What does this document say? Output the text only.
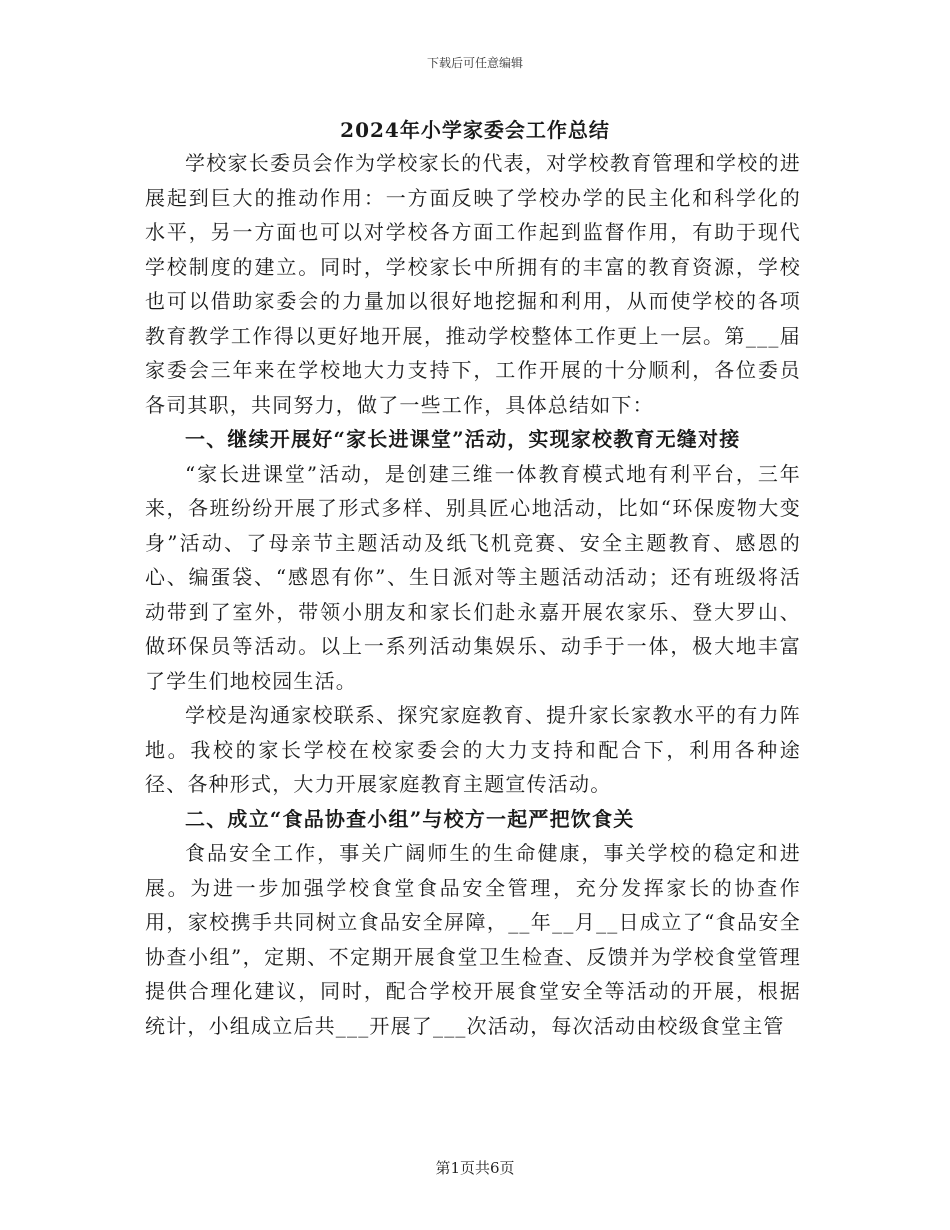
下载后可任意编辑
2024年小学家委会工作总结

学校家长委员会作为学校家长的代表，对学校教育管理和学校的进展起到巨大的推动作用：一方面反映了学校办学的民主化和科学化的水平，另一方面也可以对学校各方面工作起到监督作用，有助于现代学校制度的建立。同时，学校家长中所拥有的丰富的教育资源，学校也可以借助家委会的力量加以很好地挖掘和利用，从而使学校的各项教育教学工作得以更好地开展，推动学校整体工作更上一层。第___届家委会三年来在学校地大力支持下，工作开展的十分顺利，各位委员各司其职，共同努力，做了一些工作，具体总结如下：

一、继续开展好“家长进课堂”活动，实现家校教育无缝对接

“家长进课堂”活动，是创建三维一体教育模式地有利平台，三年来，各班纷纷开展了形式多样、别具匠心地活动，比如“环保废物大变身”活动、了母亲节主题活动及纸飞机竞赛、安全主题教育、感恩的心、编蛋袋、“感恩有你”、生日派对等主题活动活动；还有班级将活动带到了室外，带领小朋友和家长们赴永嘉开展农家乐、登大罗山、做环保员等活动。以上一系列活动集娱乐、动手于一体，极大地丰富了学生们地校园生活。

学校是沟通家校联系、探究家庭教育、提升家长家教水平的有力阵地。我校的家长学校在校家委会的大力支持和配合下，利用各种途径、各种形式，大力开展家庭教育主题宣传活动。

二、成立“食品协查小组”与校方一起严把饮食关

食品安全工作，事关广阔师生的生命健康，事关学校的稳定和进展。为进一步加强学校食堂食品安全管理，充分发挥家长的协查作用，家校携手共同树立食品安全屏障，__年__月__日成立了“食品安全协查小组”，定期、不定期开展食堂卫生检查、反馈并为学校食堂管理提供合理化建议，同时，配合学校开展食堂安全等活动的开展，根据统计，小组成立后共___开展了___次活动，每次活动由校级食堂主管

第1页共6页
